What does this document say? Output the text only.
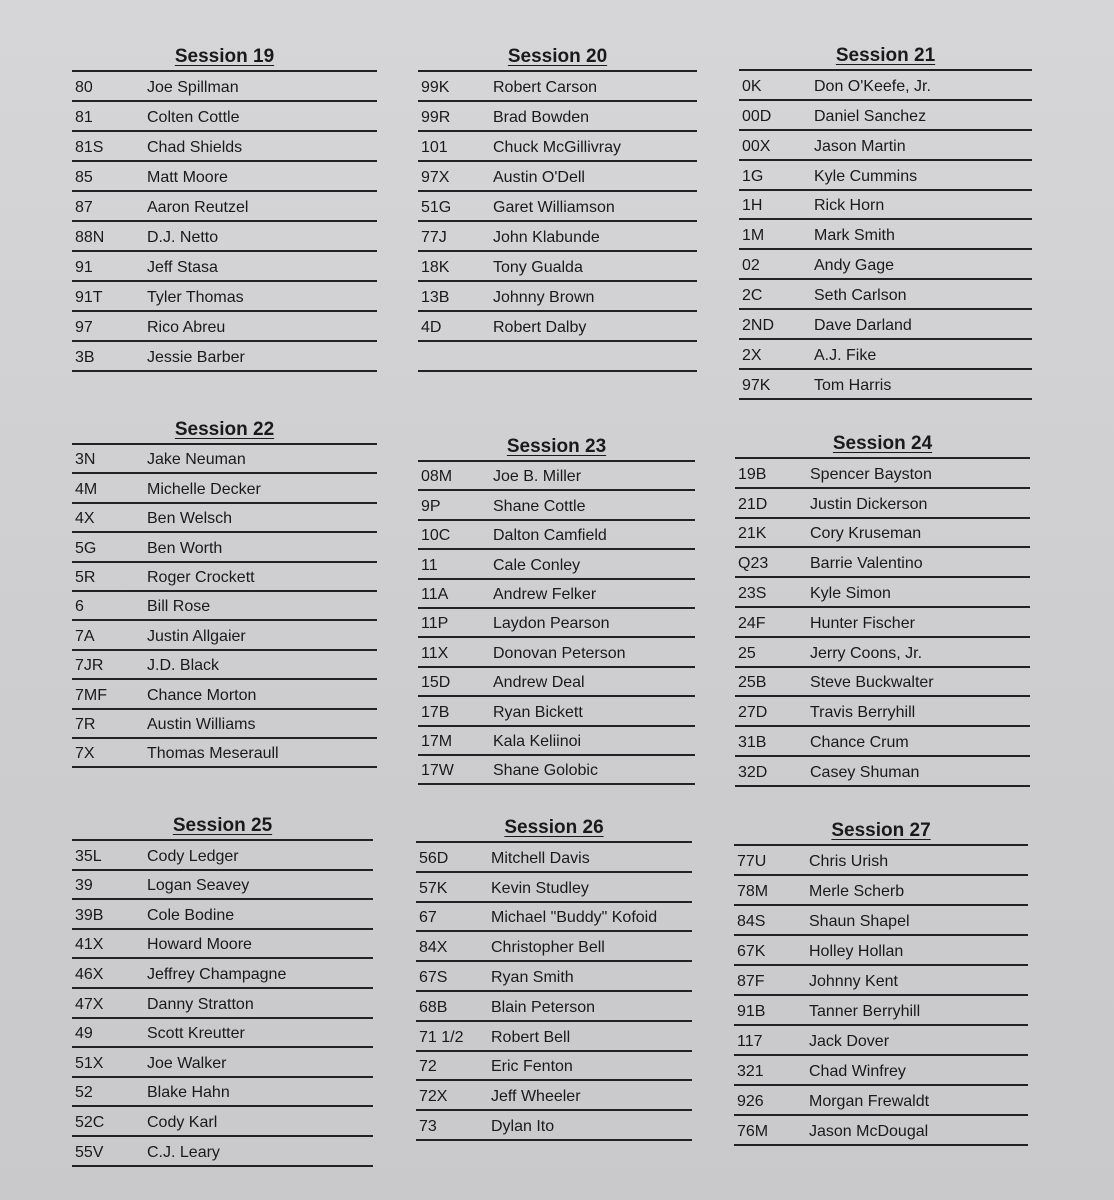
Session 19
80	Joe Spillman
81	Colten Cottle
81S	Chad Shields
85	Matt Moore
87	Aaron Reutzel
88N	D.J. Netto
91	Jeff Stasa
91T	Tyler Thomas
97	Rico Abreu
3B	Jessie Barber
Session 20
99K	Robert Carson
99R	Brad Bowden
101	Chuck McGillivray
97X	Austin O'Dell
51G	Garet Williamson
77J	John Klabunde
18K	Tony Gualda
13B	Johnny Brown
4D	Robert Dalby
Session 21
0K	Don O'Keefe, Jr.
00D	Daniel Sanchez
00X	Jason Martin
1G	Kyle Cummins
1H	Rick Horn
1M	Mark Smith
02	Andy Gage
2C	Seth Carlson
2ND	Dave Darland
2X	A.J. Fike
97K	Tom Harris
Session 22
3N	Jake Neuman
4M	Michelle Decker
4X	Ben Welsch
5G	Ben Worth
5R	Roger Crockett
6	Bill Rose
7A	Justin Allgaier
7JR	J.D. Black
7MF	Chance Morton
7R	Austin Williams
7X	Thomas Meseraull
Session 23
08M	Joe B. Miller
9P	Shane Cottle
10C	Dalton Camfield
11	Cale Conley
11A	Andrew Felker
11P	Laydon Pearson
11X	Donovan Peterson
15D	Andrew Deal
17B	Ryan Bickett
17M	Kala Keliinoi
17W	Shane Golobic
Session 24
19B	Spencer Bayston
21D	Justin Dickerson
21K	Cory Kruseman
Q23	Barrie Valentino
23S	Kyle Simon
24F	Hunter Fischer
25	Jerry Coons, Jr.
25B	Steve Buckwalter
27D	Travis Berryhill
31B	Chance Crum
32D	Casey Shuman
Session 25
35L	Cody Ledger
39	Logan Seavey
39B	Cole Bodine
41X	Howard Moore
46X	Jeffrey Champagne
47X	Danny Stratton
49	Scott Kreutter
51X	Joe Walker
52	Blake Hahn
52C	Cody Karl
55V	C.J. Leary
Session 26
56D	Mitchell Davis
57K	Kevin Studley
67	Michael "Buddy" Kofoid
84X	Christopher Bell
67S	Ryan Smith
68B	Blain Peterson
71 1/2	Robert Bell
72	Eric Fenton
72X	Jeff Wheeler
73	Dylan Ito
Session 27
77U	Chris Urish
78M	Merle Scherb
84S	Shaun Shapel
67K	Holley Hollan
87F	Johnny Kent
91B	Tanner Berryhill
117	Jack Dover
321	Chad Winfrey
926	Morgan Frewaldt
76M	Jason McDougal
